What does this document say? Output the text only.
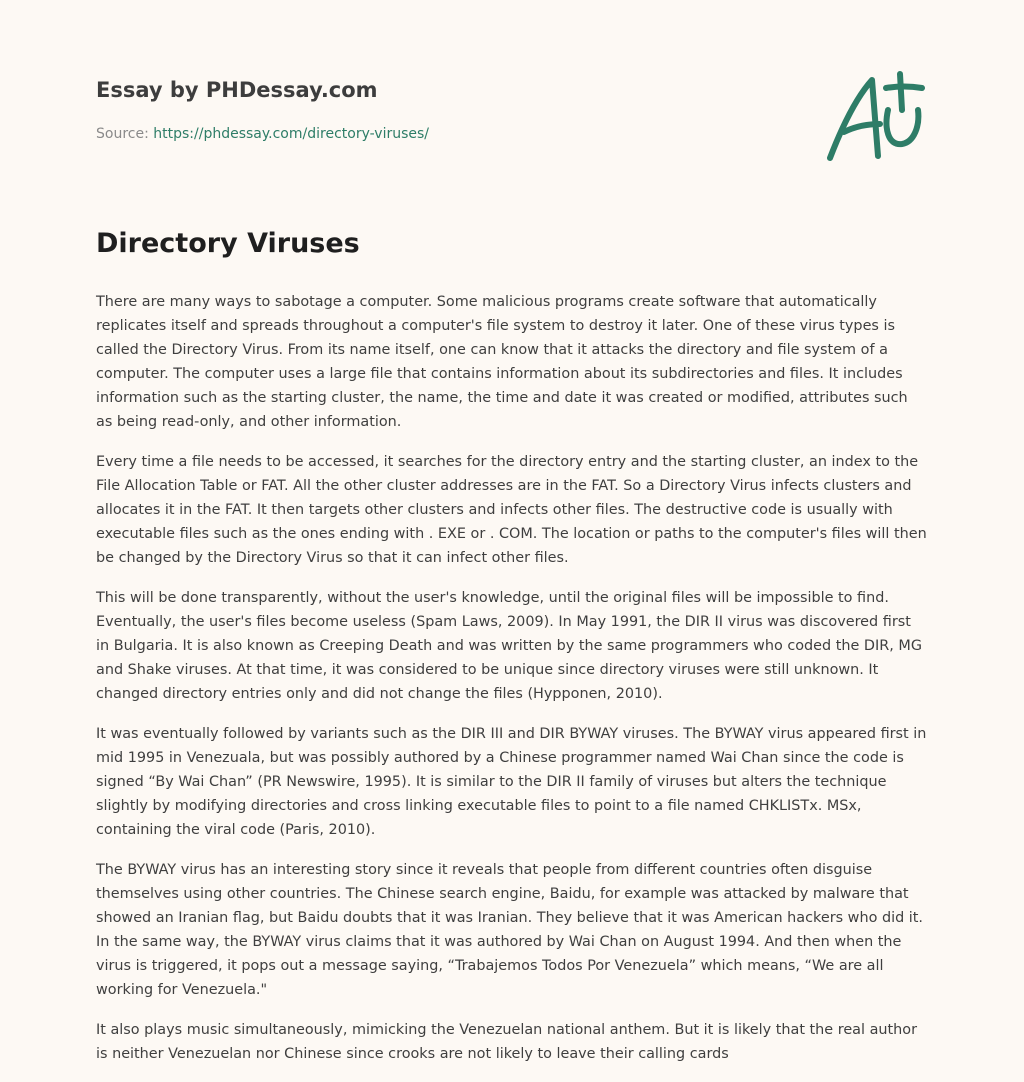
Essay by PHDessay.com
Source: https://phdessay.com/directory-viruses/
Directory Viruses

There are many ways to sabotage a computer. Some malicious programs create software that automatically replicates itself and spreads throughout a computer's file system to destroy it later. One of these virus types is called the Directory Virus. From its name itself, one can know that it attacks the directory and file system of a computer. The computer uses a large file that contains information about its subdirectories and files. It includes information such as the starting cluster, the name, the time and date it was created or modified, attributes such as being read-only, and other information.

Every time a file needs to be accessed, it searches for the directory entry and the starting cluster, an index to the File Allocation Table or FAT. All the other cluster addresses are in the FAT. So a Directory Virus infects clusters and allocates it in the FAT. It then targets other clusters and infects other files. The destructive code is usually with executable files such as the ones ending with . EXE or . COM. The location or paths to the computer's files will then be changed by the Directory Virus so that it can infect other files.

This will be done transparently, without the user's knowledge, until the original files will be impossible to find. Eventually, the user's files become useless (Spam Laws, 2009). In May 1991, the DIR II virus was discovered first in Bulgaria. It is also known as Creeping Death and was written by the same programmers who coded the DIR, MG and Shake viruses. At that time, it was considered to be unique since directory viruses were still unknown. It changed directory entries only and did not change the files (Hypponen, 2010).

It was eventually followed by variants such as the DIR III and DIR BYWAY viruses. The BYWAY virus appeared first in mid 1995 in Venezuala, but was possibly authored by a Chinese programmer named Wai Chan since the code is signed “By Wai Chan” (PR Newswire, 1995). It is similar to the DIR II family of viruses but alters the technique slightly by modifying directories and cross linking executable files to point to a file named CHKLISTx. MSx, containing the viral code (Paris, 2010).

The BYWAY virus has an interesting story since it reveals that people from different countries often disguise themselves using other countries. The Chinese search engine, Baidu, for example was attacked by malware that showed an Iranian flag, but Baidu doubts that it was Iranian. They believe that it was American hackers who did it. In the same way, the BYWAY virus claims that it was authored by Wai Chan on August 1994. And then when the virus is triggered, it pops out a message saying, “Trabajemos Todos Por Venezuela” which means, “We are all working for Venezuela."

It also plays music simultaneously, mimicking the Venezuelan national anthem. But it is likely that the real author is neither Venezuelan nor Chinese since crooks are not likely to leave their calling cards
